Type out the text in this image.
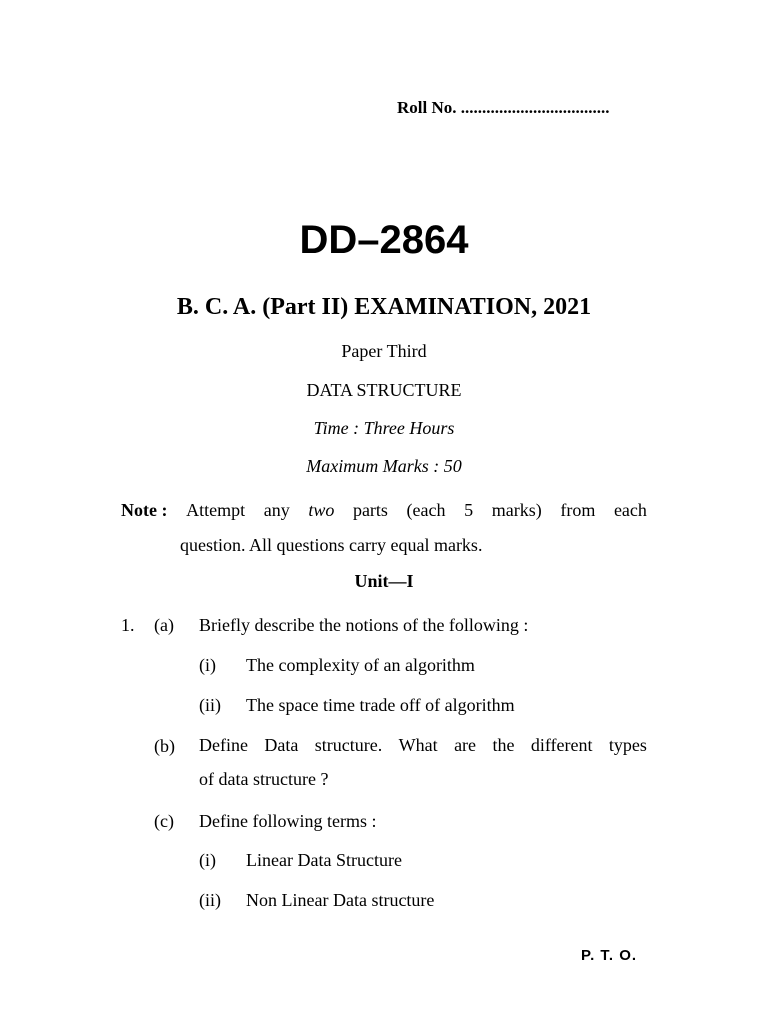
Roll No. ...................................
DD–2864
B. C. A. (Part II) EXAMINATION, 2021
Paper Third
DATA STRUCTURE
Time : Three Hours
Maximum Marks : 50
Note : Attempt any two parts (each 5 marks) from each
question. All questions carry equal marks.
Unit—I
1. (a) Briefly describe the notions of the following :
(i) The complexity of an algorithm
(ii) The space time trade off of algorithm
(b) Define Data structure. What are the different types
of data structure ?
(c) Define following terms :
(i) Linear Data Structure
(ii) Non Linear Data structure
P. T. O.
